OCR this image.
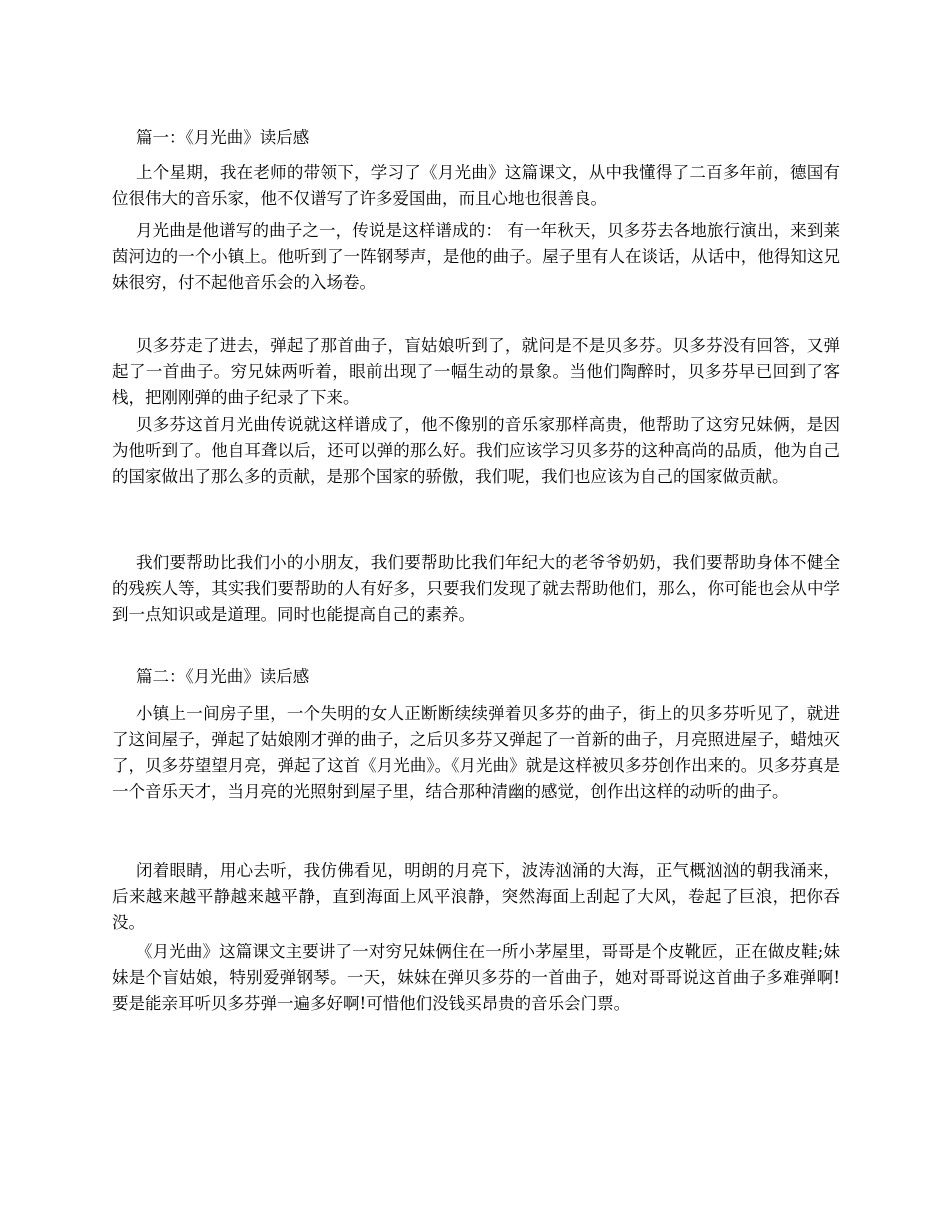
篇一：《月光曲》读后感

上个星期，我在老师的带领下，学习了《月光曲》这篇课文，从中我懂得了二百多年前，德国有位很伟大的音乐家，他不仅谱写了许多爱国曲，而且心地也很善良。

月光曲是他谱写的曲子之一，传说是这样谱成的： 有一年秋天，贝多芬去各地旅行演出，来到莱茵河边的一个小镇上。他听到了一阵钢琴声，是他的曲子。屋子里有人在谈话，从话中，他得知这兄妹很穷，付不起他音乐会的入场卷。

贝多芬走了进去，弹起了那首曲子，盲姑娘听到了，就问是不是贝多芬。贝多芬没有回答，又弹起了一首曲子。穷兄妹两听着，眼前出现了一幅生动的景象。当他们陶醉时，贝多芬早已回到了客栈，把刚刚弹的曲子纪录了下来。

贝多芬这首月光曲传说就这样谱成了，他不像别的音乐家那样高贵，他帮助了这穷兄妹俩，是因为他听到了。他自耳聋以后，还可以弹的那么好。我们应该学习贝多芬的这种高尚的品质，他为自己的国家做出了那么多的贡献，是那个国家的骄傲，我们呢，我们也应该为自己的国家做贡献。

我们要帮助比我们小的小朋友，我们要帮助比我们年纪大的老爷爷奶奶，我们要帮助身体不健全的残疾人等，其实我们要帮助的人有好多，只要我们发现了就去帮助他们，那么，你可能也会从中学到一点知识或是道理。同时也能提高自己的素养。

篇二：《月光曲》读后感

小镇上一间房子里，一个失明的女人正断断续续弹着贝多芬的曲子，街上的贝多芬听见了，就进了这间屋子，弹起了姑娘刚才弹的曲子，之后贝多芬又弹起了一首新的曲子，月亮照进屋子，蜡烛灭了，贝多芬望望月亮，弹起了这首《月光曲》。《月光曲》就是这样被贝多芬创作出来的。贝多芬真是一个音乐天才，当月亮的光照射到屋子里，结合那种清幽的感觉，创作出这样的动听的曲子。

闭着眼睛，用心去听，我仿佛看见，明朗的月亮下，波涛汹涌的大海，正气概汹汹的朝我涌来，后来越来越平静越来越平静，直到海面上风平浪静，突然海面上刮起了大风，卷起了巨浪，把你吞没。

《月光曲》这篇课文主要讲了一对穷兄妹俩住在一所小茅屋里，哥哥是个皮靴匠，正在做皮鞋;妹妹是个盲姑娘，特别爱弹钢琴。一天，妹妹在弹贝多芬的一首曲子，她对哥哥说这首曲子多难弹啊!要是能亲耳听贝多芬弹一遍多好啊!可惜他们没钱买昂贵的音乐会门票。
